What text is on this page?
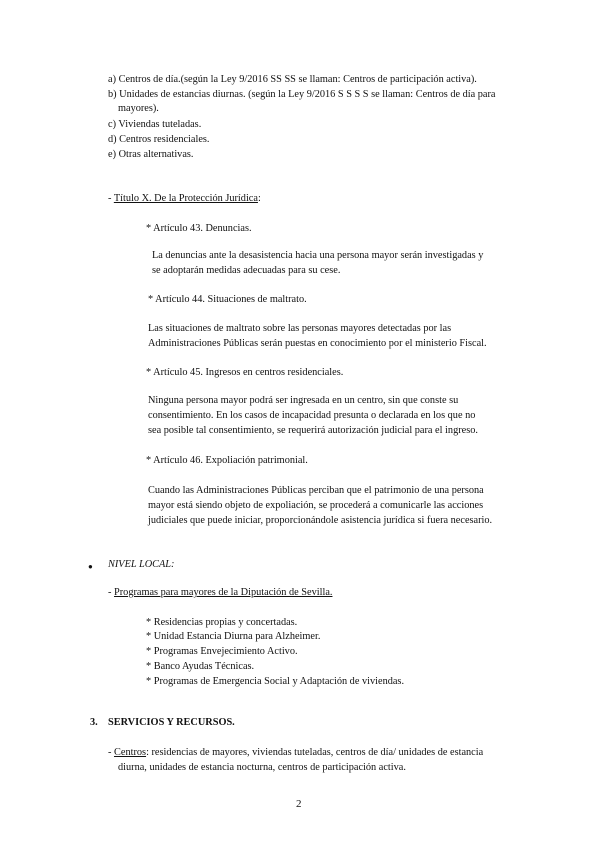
a) Centros de día.(según la Ley 9/2016 SS SS se llaman: Centros de participación activa).
b) Unidades de estancias diurnas. (según la Ley 9/2016 S S S S se llaman: Centros de día para
mayores).
c) Viviendas tuteladas.
d) Centros residenciales.
e) Otras alternativas.
- Título X. De la Protección Jurídica:
* Artículo 43. Denuncias.
La denuncias ante la desasistencia hacia una persona mayor serán investigadas y
se adoptarán medidas adecuadas para su cese.
* Artículo 44. Situaciones de maltrato.
Las situaciones de maltrato sobre las personas mayores detectadas por las
Administraciones Públicas serán puestas en conocimiento por el ministerio Fiscal.
* Artículo 45. Ingresos en centros residenciales.
Ninguna persona mayor podrá ser ingresada en un centro, sin que conste su
consentimiento. En los casos de incapacidad presunta o declarada en los que no
sea posible tal consentimiento, se requerirá autorización judicial para el ingreso.
* Artículo 46. Expoliación patrimonial.
Cuando las Administraciones Públicas perciban que el patrimonio de una persona
mayor está siendo objeto de expoliación, se procederá a comunicarle las acciones
judiciales que puede iniciar, proporcionándole asistencia jurídica si fuera necesario.
● NIVEL LOCAL:
- Programas para mayores de la Diputación de Sevilla.
* Residencias propias y concertadas.
* Unidad Estancia Diurna para Alzheimer.
* Programas Envejecimiento Activo.
* Banco Ayudas Técnicas.
* Programas de Emergencia Social y Adaptación de viviendas.
3. SERVICIOS Y RECURSOS.
- Centros: residencias de mayores, viviendas tuteladas, centros de día/ unidades de estancia
diurna, unidades de estancia nocturna, centros de participación activa.
2
